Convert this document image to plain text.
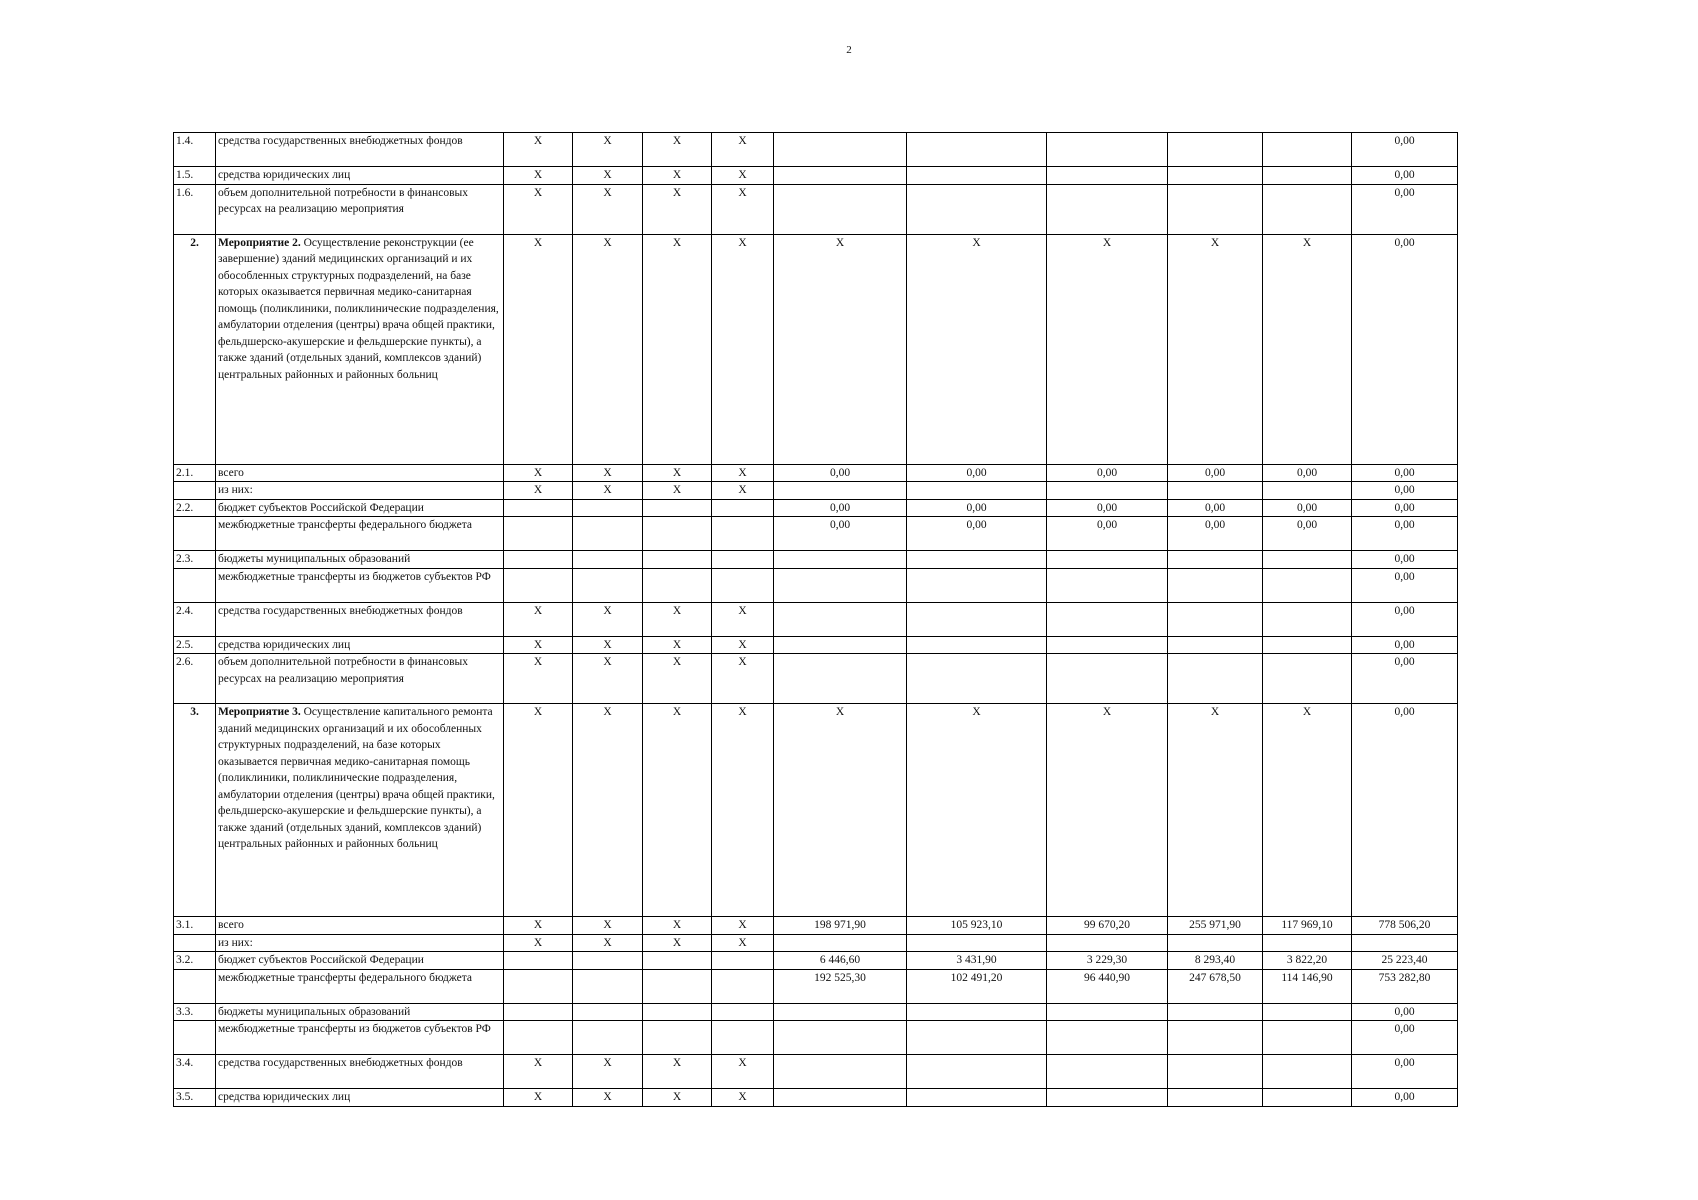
2
1.4.	средства государственных внебюджетных фондов	X	X	X	X						0,00
1.5.	средства юридических лиц	X	X	X	X						0,00
1.6.	объем дополнительной потребности в финансовых ресурсах на реализацию мероприятия	X	X	X	X						0,00
2.	Мероприятие 2. Осуществление реконструкции (ее завершение) зданий медицинских организаций и их обособленных структурных подразделений, на базе которых оказывается первичная медико-санитарная помощь (поликлиники, поликлинические подразделения, амбулатории отделения (центры) врача общей практики, фельдшерско-акушерские и фельдшерские пункты), а также зданий (отдельных зданий, комплексов зданий) центральных районных и районных больниц	X	X	X	X	X	X	X	X	X	0,00
2.1.	всего	X	X	X	X	0,00	0,00	0,00	0,00	0,00	0,00
	из них:	X	X	X	X						0,00
2.2.	бюджет субъектов Российской Федерации					0,00	0,00	0,00	0,00	0,00	0,00
	межбюджетные трансферты федерального бюджета					0,00	0,00	0,00	0,00	0,00	0,00
2.3.	бюджеты муниципальных образований										0,00
	межбюджетные трансферты из бюджетов субъектов РФ										0,00
2.4.	средства государственных внебюджетных фондов	X	X	X	X						0,00
2.5.	средства юридических лиц	X	X	X	X						0,00
2.6.	объем дополнительной потребности в финансовых ресурсах на реализацию мероприятия	X	X	X	X						0,00
3.	Мероприятие 3. Осуществление капитального ремонта зданий медицинских организаций и их обособленных структурных подразделений, на базе которых оказывается первичная медико-санитарная помощь (поликлиники, поликлинические подразделения, амбулатории отделения (центры) врача общей практики, фельдшерско-акушерские и фельдшерские пункты), а также зданий (отдельных зданий, комплексов зданий) центральных районных и районных больниц	X	X	X	X	X	X	X	X	X	0,00
3.1.	всего	X	X	X	X	198 971,90	105 923,10	99 670,20	255 971,90	117 969,10	778 506,20
	из них:	X	X	X	X						
3.2.	бюджет субъектов Российской Федерации					6 446,60	3 431,90	3 229,30	8 293,40	3 822,20	25 223,40
	межбюджетные трансферты федерального бюджета					192 525,30	102 491,20	96 440,90	247 678,50	114 146,90	753 282,80
3.3.	бюджеты муниципальных образований										0,00
	межбюджетные трансферты из бюджетов субъектов РФ										0,00
3.4.	средства государственных внебюджетных фондов	X	X	X	X						0,00
3.5.	средства юридических лиц	X	X	X	X						0,00
